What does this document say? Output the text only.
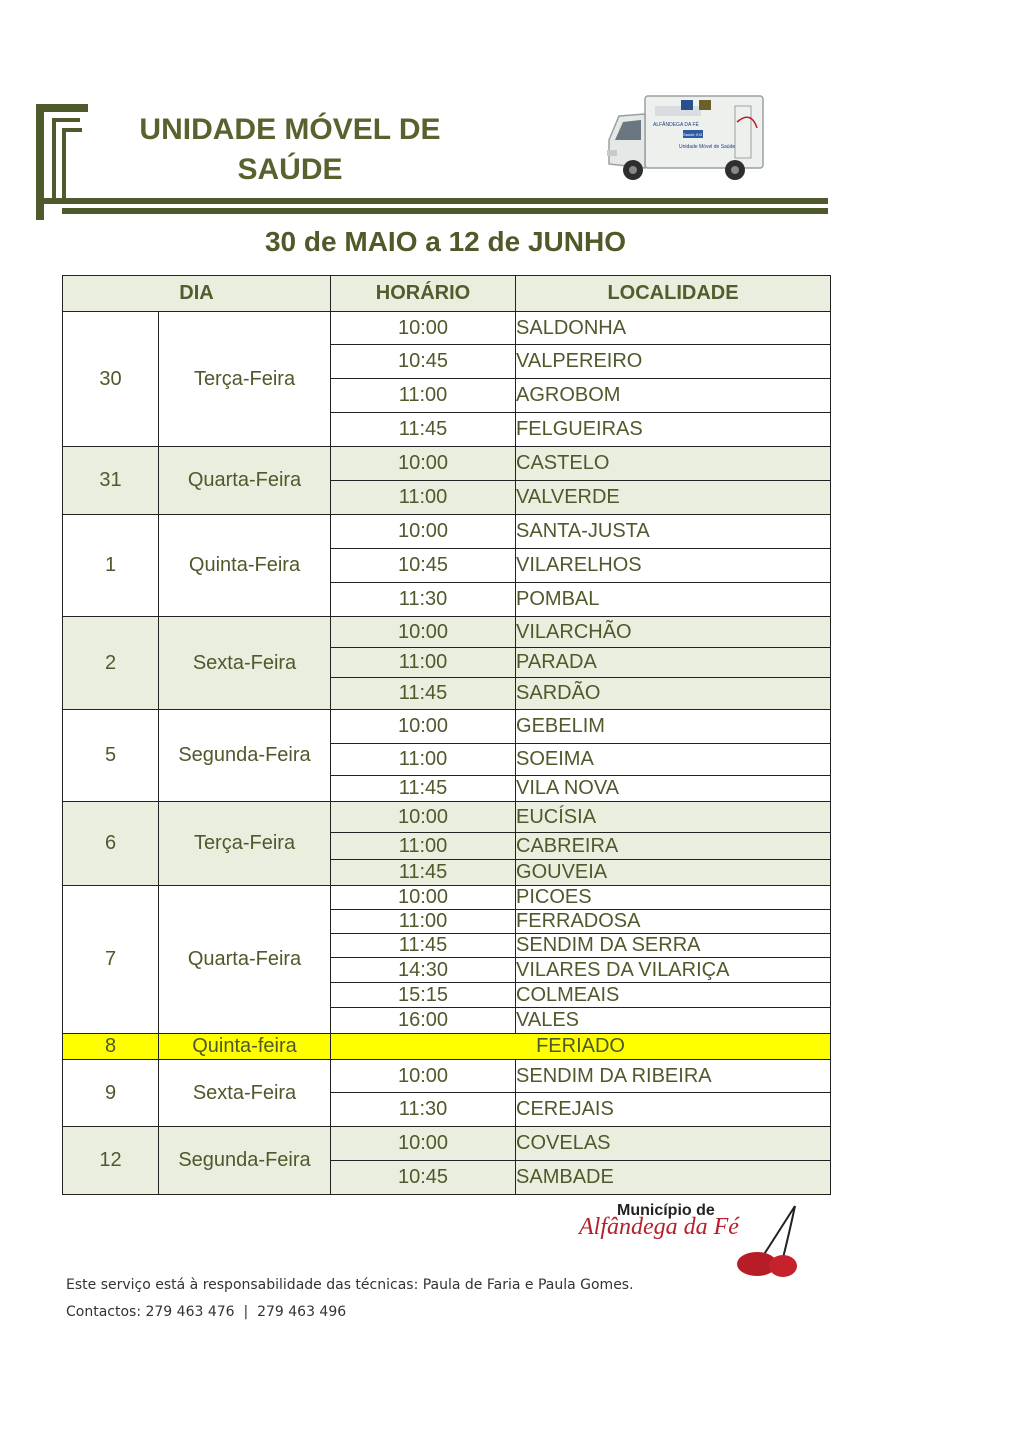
UNIDADE MÓVEL DE
SAÚDE
ALFÂNDEGA DA FÉ
Saúde XXI
Unidade Móvel de Saúde
30 de MAIO a 12 de JUNHO
DIA		HORÁRIO	LOCALIDADE
30	Terça-Feira	10:00	SALDONHA
		10:45	VALPEREIRO
		11:00	AGROBOM
		11:45	FELGUEIRAS
31	Quarta-Feira	10:00	CASTELO
		11:00	VALVERDE
1	Quinta-Feira	10:00	SANTA-JUSTA
		10:45	VILARELHOS
		11:30	POMBAL
2	Sexta-Feira	10:00	VILARCHÃO
		11:00	PARADA
		11:45	SARDÃO
5	Segunda-Feira	10:00	GEBELIM
		11:00	SOEIMA
		11:45	VILA NOVA
6	Terça-Feira	10:00	EUCÍSIA
		11:00	CABREIRA
		11:45	GOUVEIA
7	Quarta-Feira	10:00	PICOES
		11:00	FERRADOSA
		11:45	SENDIM DA SERRA
		14:30	VILARES DA VILARIÇA
		15:15	COLMEAIS
		16:00	VALES
8	Quinta-feira	FERIADO	
9	Sexta-Feira	10:00	SENDIM DA RIBEIRA
		11:30	CEREJAIS
12	Segunda-Feira	10:00	COVELAS
		10:45	SAMBADE
Município de
Alfândega da Fé
Este serviço está à responsabilidade das técnicas: Paula de Faria e Paula Gomes.
Contactos: 279 463 476  |  279 463 496
